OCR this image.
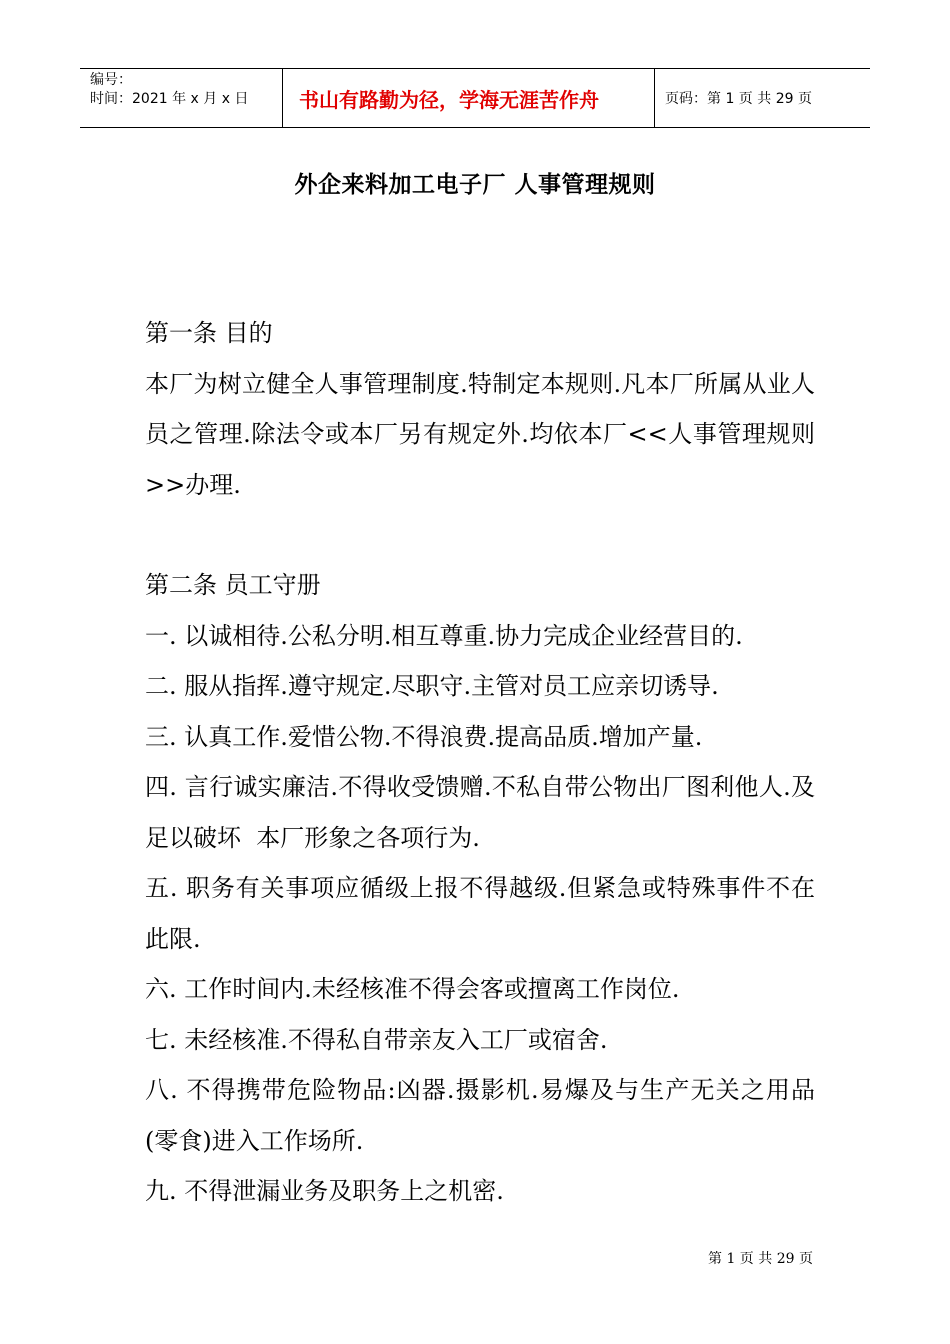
编号：
时间：2021 年 x 月 x 日	书山有路勤为径，学海无涯苦作舟	页码：第 1 页 共 29 页
外企来料加工电子厂 人事管理规则

第一条 目的

本厂为树立健全人事管理制度.特制定本规则.凡本厂所属从业人员之管理.除法令或本厂另有规定外.均依本厂<<人事管理规则>>办理.

第二条 员工守册

一. 以诚相待.公私分明.相互尊重.协力完成企业经营目的.

二. 服从指挥.遵守规定.尽职守.主管对员工应亲切诱导.

三. 认真工作.爱惜公物.不得浪费.提高品质.增加产量.

四. 言行诚实廉洁.不得收受馈赠.不私自带公物出厂图利他人.及足以破坏  本厂形象之各项行为.

五. 职务有关事项应循级上报不得越级.但紧急或特殊事件不在此限.

六. 工作时间内.未经核准不得会客或擅离工作岗位.

七. 未经核准.不得私自带亲友入工厂或宿舍.

八. 不得携带危险物品:凶器.摄影机.易爆及与生产无关之用品(零食)进入工作场所.

九. 不得泄漏业务及职务上之机密.

第 1 页 共 29 页
